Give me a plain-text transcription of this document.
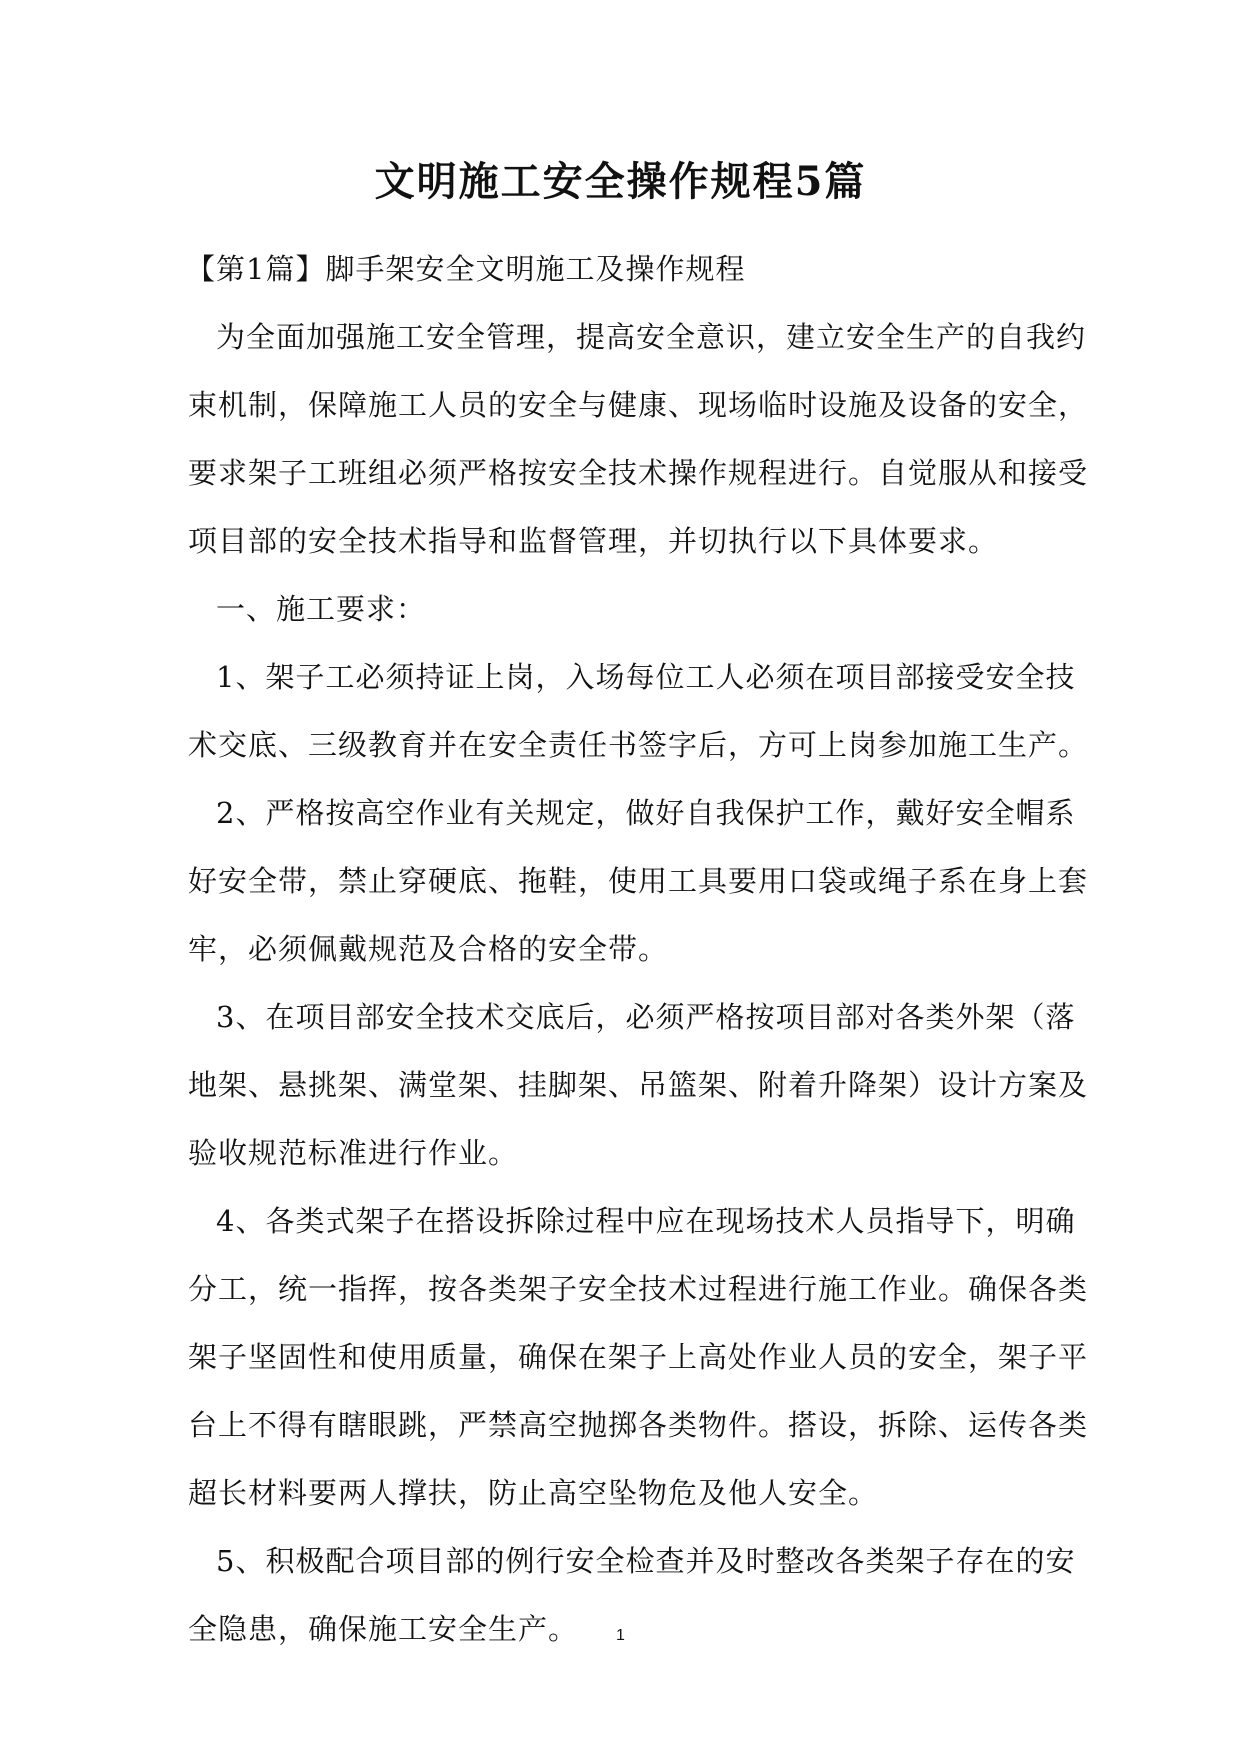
文明施工安全操作规程5篇
【第1篇】脚手架安全文明施工及操作规程
为全面加强施工安全管理，提高安全意识，建立安全生产的自我约
束机制，保障施工人员的安全与健康、现场临时设施及设备的安全，
要求架子工班组必须严格按安全技术操作规程进行。自觉服从和接受
项目部的安全技术指导和监督管理，并切执行以下具体要求。
一、施工要求：
1、架子工必须持证上岗，入场每位工人必须在项目部接受安全技
术交底、三级教育并在安全责任书签字后，方可上岗参加施工生产。
2、严格按高空作业有关规定，做好自我保护工作，戴好安全帽系
好安全带，禁止穿硬底、拖鞋，使用工具要用口袋或绳子系在身上套
牢，必须佩戴规范及合格的安全带。
3、在项目部安全技术交底后，必须严格按项目部对各类外架（落
地架、悬挑架、满堂架、挂脚架、吊篮架、附着升降架）设计方案及
验收规范标准进行作业。
4、各类式架子在搭设拆除过程中应在现场技术人员指导下，明确
分工，统一指挥，按各类架子安全技术过程进行施工作业。确保各类
架子坚固性和使用质量，确保在架子上高处作业人员的安全，架子平
台上不得有瞎眼跳，严禁高空抛掷各类物件。搭设，拆除、运传各类
超长材料要两人撑扶，防止高空坠物危及他人安全。
5、积极配合项目部的例行安全检查并及时整改各类架子存在的安
全隐患，确保施工安全生产。	1
